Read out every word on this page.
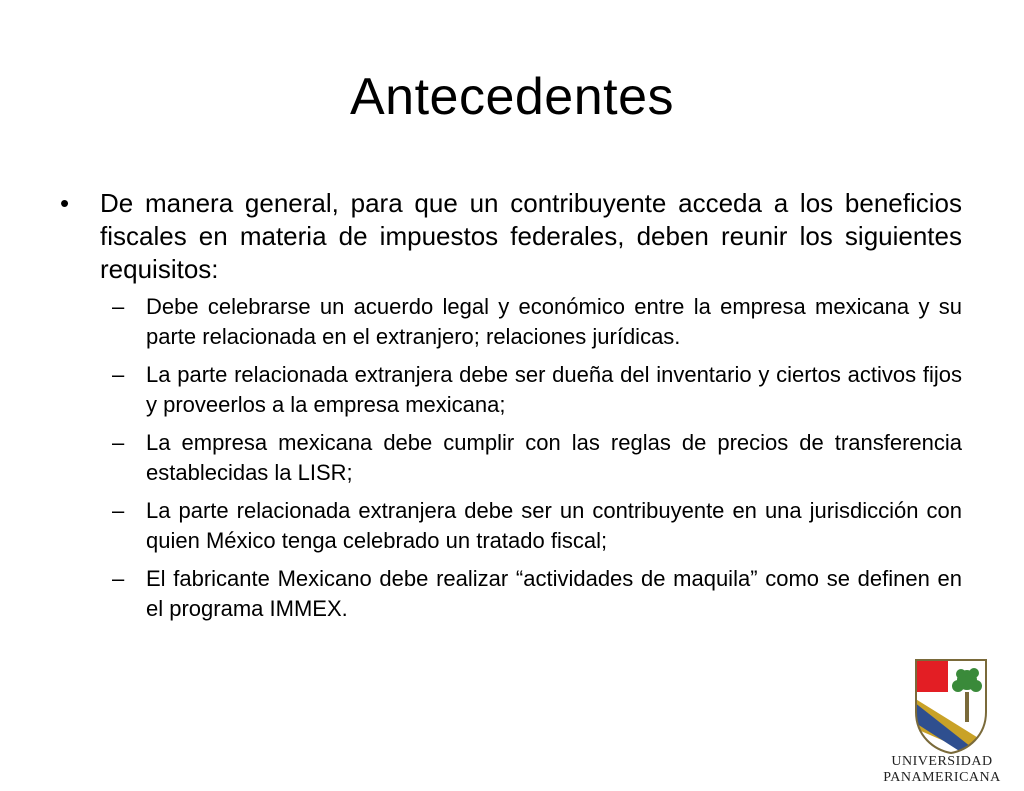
Antecedentes
•	De manera general, para que un contribuyente acceda a los beneficios fiscales en materia de impuestos federales, deben reunir los siguientes requisitos:
– Debe celebrarse un acuerdo legal y económico entre la empresa mexicana y su parte relacionada en el extranjero; relaciones jurídicas.
– La parte relacionada extranjera debe ser dueña del inventario y ciertos activos fijos y proveerlos a la empresa mexicana;
– La empresa mexicana debe cumplir con las reglas de precios de transferencia establecidas la LISR;
– La parte relacionada extranjera debe ser un contribuyente en una jurisdicción con quien México tenga celebrado un tratado fiscal;
– El fabricante Mexicano debe realizar “actividades de maquila” como se definen en el programa IMMEX.
UNIVERSIDAD
PANAMERICANA
